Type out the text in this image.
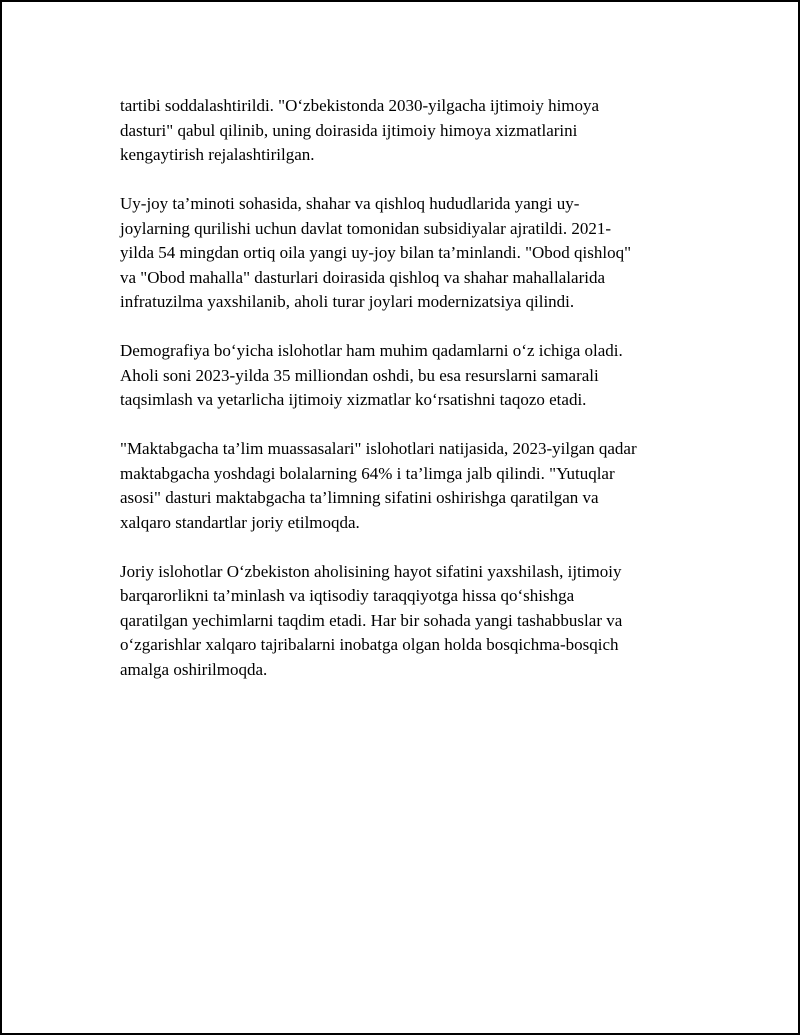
tartibi soddalashtirildi. "O‘zbekistonda 2030-yilgacha ijtimoiy himoya
dasturi" qabul qilinib, uning doirasida ijtimoiy himoya xizmatlarini
kengaytirish rejalashtirilgan.

Uy-joy ta’minoti sohasida, shahar va qishloq hududlarida yangi uy-
joylarning qurilishi uchun davlat tomonidan subsidiyalar ajratildi. 2021-
yilda 54 mingdan ortiq oila yangi uy-joy bilan ta’minlandi. "Obod qishloq"
va "Obod mahalla" dasturlari doirasida qishloq va shahar mahallalarida
infratuzilma yaxshilanib, aholi turar joylari modernizatsiya qilindi.

Demografiya bo‘yicha islohotlar ham muhim qadamlarni o‘z ichiga oladi.
Aholi soni 2023-yilda 35 milliondan oshdi, bu esa resurslarni samarali
taqsimlash va yetarlicha ijtimoiy xizmatlar ko‘rsatishni taqozo etadi.

"Maktabgacha ta’lim muassasalari" islohotlari natijasida, 2023-yilgan qadar
maktabgacha yoshdagi bolalarning 64% i ta’limga jalb qilindi. "Yutuqlar
asosi" dasturi maktabgacha ta’limning sifatini oshirishga qaratilgan va
xalqaro standartlar joriy etilmoqda.

Joriy islohotlar O‘zbekiston aholisining hayot sifatini yaxshilash, ijtimoiy
barqarorlikni ta’minlash va iqtisodiy taraqqiyotga hissa qo‘shishga
qaratilgan yechimlarni taqdim etadi. Har bir sohada yangi tashabbuslar va
o‘zgarishlar xalqaro tajribalarni inobatga olgan holda bosqichma-bosqich
amalga oshirilmoqda.
